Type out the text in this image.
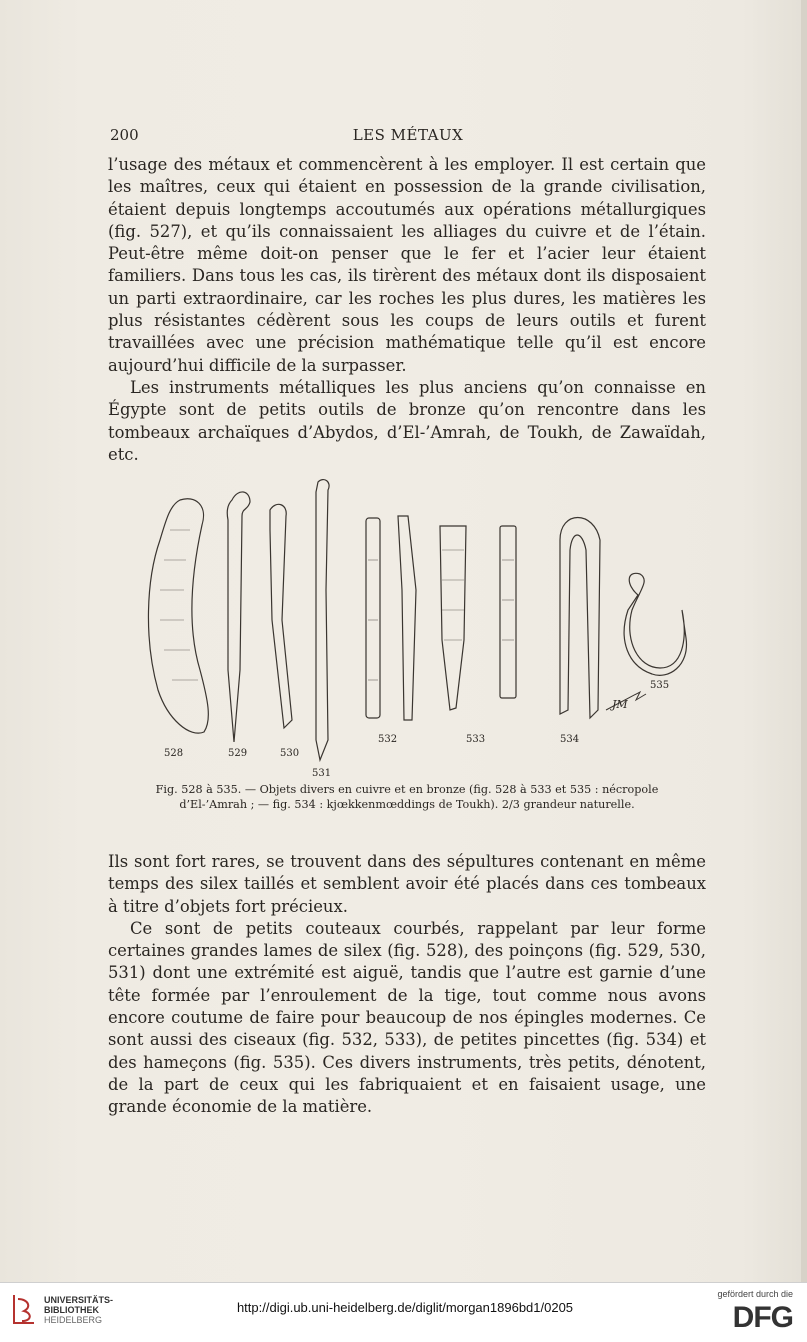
200	LES MÉTAUX

l’usage des métaux et commencèrent à les employer. Il est certain que les maîtres, ceux qui étaient en possession de la grande civilisation, étaient depuis longtemps accoutumés aux opérations métallurgiques (fig. 527), et qu’ils connaissaient les alliages du cuivre et de l’étain. Peut-être même doit-on penser que le fer et l’acier leur étaient familiers. Dans tous les cas, ils tirèrent des métaux dont ils disposaient un parti extraordinaire, car les roches les plus dures, les matières les plus résistantes cédèrent sous les coups de leurs outils et furent travaillées avec une précision mathématique telle qu’il est encore aujourd’hui difficile de la surpasser.

Les instruments métalliques les plus anciens qu’on connaisse en Égypte sont de petits outils de bronze qu’on rencontre dans les tombeaux archaïques d’Abydos, d’El-’Amrah, de Toukh, de Zawaïdah, etc.

528	529	530
531
532	533	534
535
JM
Fig. 528 à 535. — Objets divers en cuivre et en bronze (fig. 528 à 533 et 535 : nécropole
d’El-’Amrah ; — fig. 534 : kjœkkenmœddings de Toukh). 2/3 grandeur naturelle.

Ils sont fort rares, se trouvent dans des sépultures contenant en même temps des silex taillés et semblent avoir été placés dans ces tombeaux à titre d’objets fort précieux.

Ce sont de petits couteaux courbés, rappelant par leur forme certaines grandes lames de silex (fig. 528), des poinçons (fig. 529, 530, 531) dont une extrémité est aiguë, tandis que l’autre est garnie d’une tête formée par l’enroulement de la tige, tout comme nous avons encore coutume de faire pour beaucoup de nos épingles modernes. Ce sont aussi des ciseaux (fig. 532, 533), de petites pincettes (fig. 534) et des hameçons (fig. 535). Ces divers instruments, très petits, dénotent, de la part de ceux qui les fabriquaient et en faisaient usage, une grande économie de la matière.

UNIVERSITÄTS-
BIBLIOTHEK
HEIDELBERG
http://digi.ub.uni-heidelberg.de/diglit/morgan1896bd1/0205
gefördert durch die
DFG
